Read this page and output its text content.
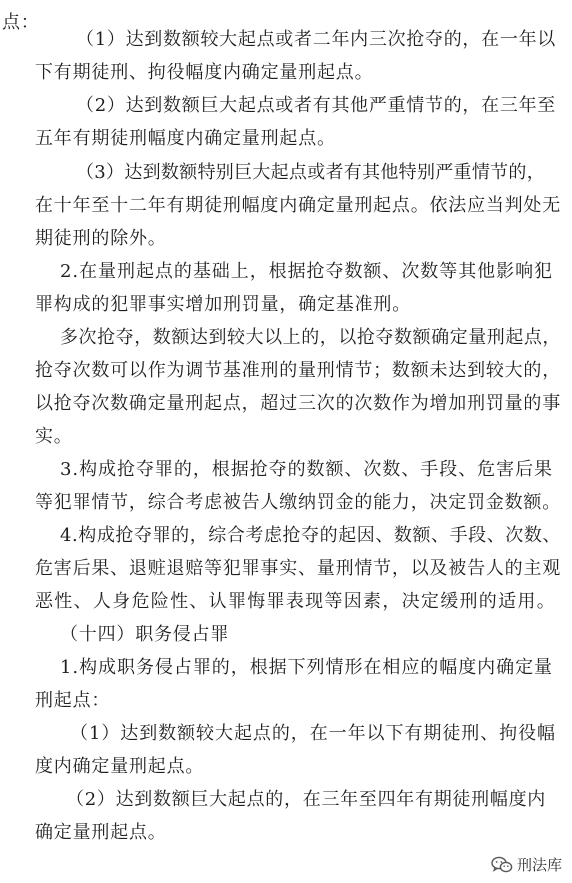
点：
（1）达到数额较大起点或者二年内三次抢夺的，在一年以
下有期徒刑、拘役幅度内确定量刑起点。
（2）达到数额巨大起点或者有其他严重情节的，在三年至
五年有期徒刑幅度内确定量刑起点。
（3）达到数额特别巨大起点或者有其他特别严重情节的，
在十年至十二年有期徒刑幅度内确定量刑起点。依法应当判处无
期徒刑的除外。
2.在量刑起点的基础上，根据抢夺数额、次数等其他影响犯
罪构成的犯罪事实增加刑罚量，确定基准刑。
多次抢夺，数额达到较大以上的，以抢夺数额确定量刑起点，
抢夺次数可以作为调节基准刑的量刑情节；数额未达到较大的，
以抢夺次数确定量刑起点，超过三次的次数作为增加刑罚量的事
实。
3.构成抢夺罪的，根据抢夺的数额、次数、手段、危害后果
等犯罪情节，综合考虑被告人缴纳罚金的能力，决定罚金数额。
4.构成抢夺罪的，综合考虑抢夺的起因、数额、手段、次数、
危害后果、退赃退赔等犯罪事实、量刑情节，以及被告人的主观
恶性、人身危险性、认罪悔罪表现等因素，决定缓刑的适用。
（十四）职务侵占罪
1.构成职务侵占罪的，根据下列情形在相应的幅度内确定量
刑起点：
（1）达到数额较大起点的，在一年以下有期徒刑、拘役幅
度内确定量刑起点。
（2）达到数额巨大起点的，在三年至四年有期徒刑幅度内
确定量刑起点。
刑法库
